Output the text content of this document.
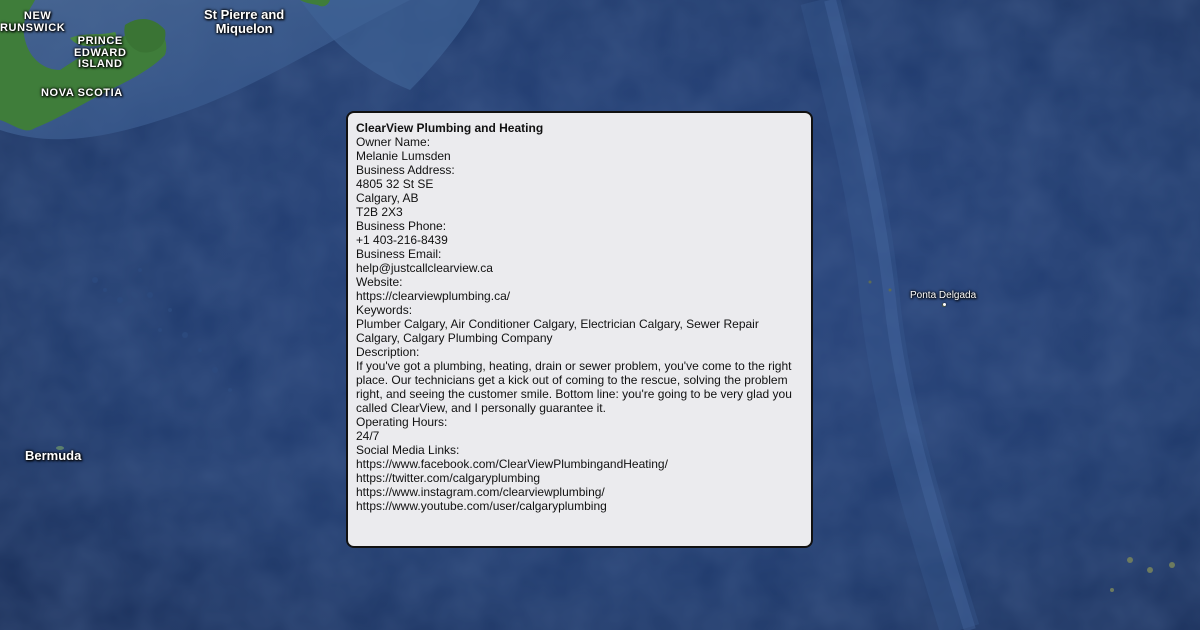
NEW
RUNSWICK
PRINCE
EDWARD
ISLAND
NOVA SCOTIA
St Pierre and
Miquelon
Bermuda
Ponta Delgada
ClearView Plumbing and Heating
Owner Name:
Melanie Lumsden
Business Address:
4805 32 St SE
Calgary, AB
T2B 2X3
Business Phone:
+1 403-216-8439
Business Email:
help@justcallclearview.ca
Website:
https://clearviewplumbing.ca/
Keywords:
Plumber Calgary, Air Conditioner Calgary, Electrician Calgary, Sewer Repair Calgary, Calgary Plumbing Company
Description:
If you've got a plumbing, heating, drain or sewer problem, you've come to the right place. Our technicians get a kick out of coming to the rescue, solving the problem right, and seeing the customer smile. Bottom line: you're going to be very glad you called ClearView, and I personally guarantee it.
Operating Hours:
24/7
Social Media Links:
https://www.facebook.com/ClearViewPlumbingandHeating/
https://twitter.com/calgaryplumbing
https://www.instagram.com/clearviewplumbing/
https://www.youtube.com/user/calgaryplumbing
